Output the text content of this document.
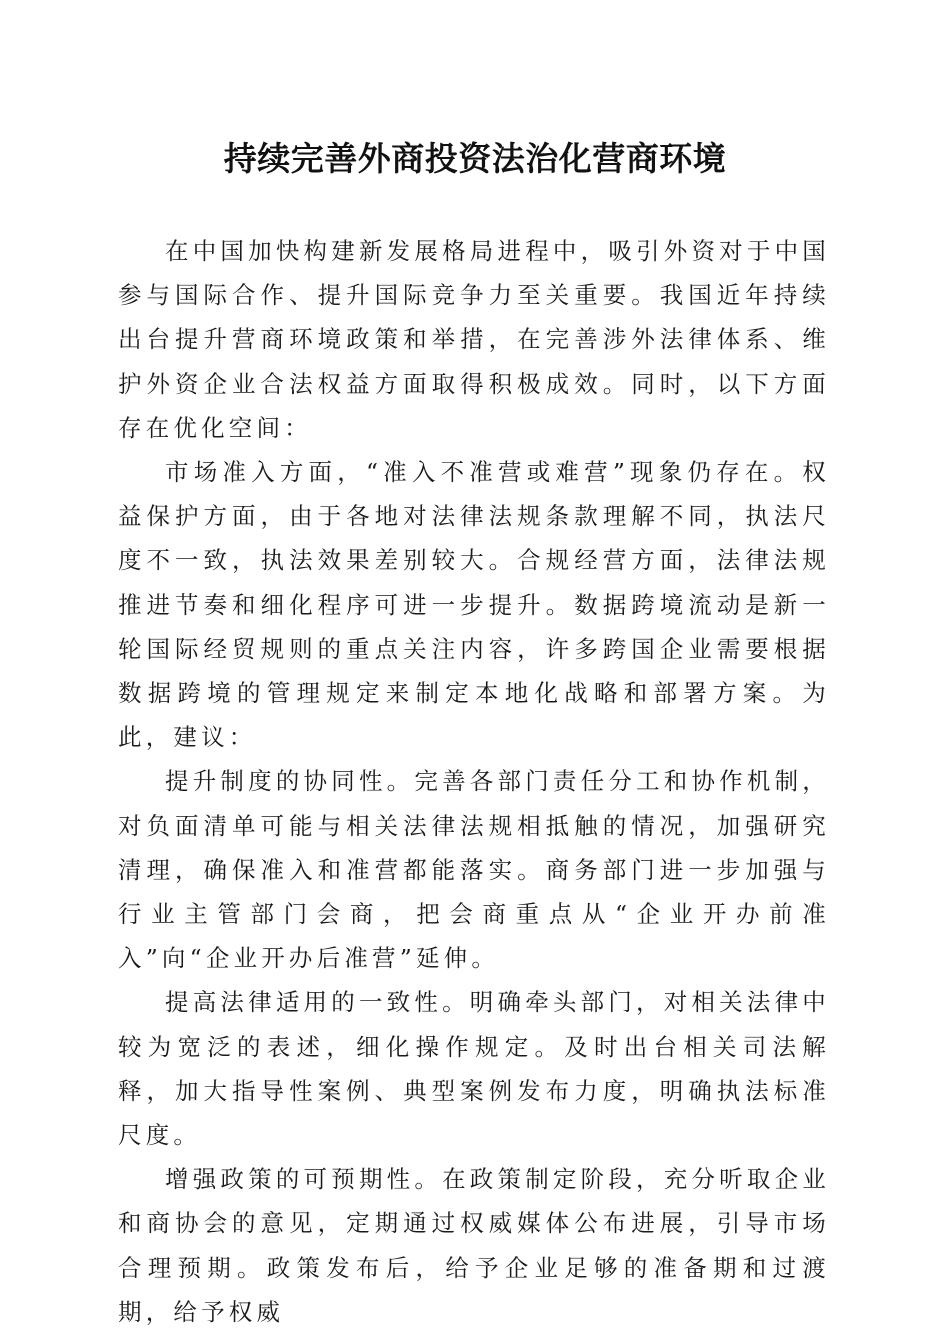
持续完善外商投资法治化营商环境

在中国加快构建新发展格局进程中，吸引外资对于中国参与国际合作、提升国际竞争力至关重要。我国近年持续出台提升营商环境政策和举措，在完善涉外法律体系、维护外资企业合法权益方面取得积极成效。同时，以下方面存在优化空间：

市场准入方面，“准入不准营或难营”现象仍存在。权益保护方面，由于各地对法律法规条款理解不同，执法尺度不一致，执法效果差别较大。合规经营方面，法律法规推进节奏和细化程序可进一步提升。数据跨境流动是新一轮国际经贸规则的重点关注内容，许多跨国企业需要根据数据跨境的管理规定来制定本地化战略和部署方案。为此，建议：

提升制度的协同性。完善各部门责任分工和协作机制，对负面清单可能与相关法律法规相抵触的情况，加强研究清理，确保准入和准营都能落实。商务部门进一步加强与行业主管部门会商，把会商重点从“企业开办前准入”向“企业开办后准营”延伸。

提高法律适用的一致性。明确牵头部门，对相关法律中较为宽泛的表述，细化操作规定。及时出台相关司法解释，加大指导性案例、典型案例发布力度，明确执法标准尺度。

增强政策的可预期性。在政策制定阶段，充分听取企业和商协会的意见，定期通过权威媒体公布进展，引导市场合理预期。政策发布后，给予企业足够的准备期和过渡期，给予权威
